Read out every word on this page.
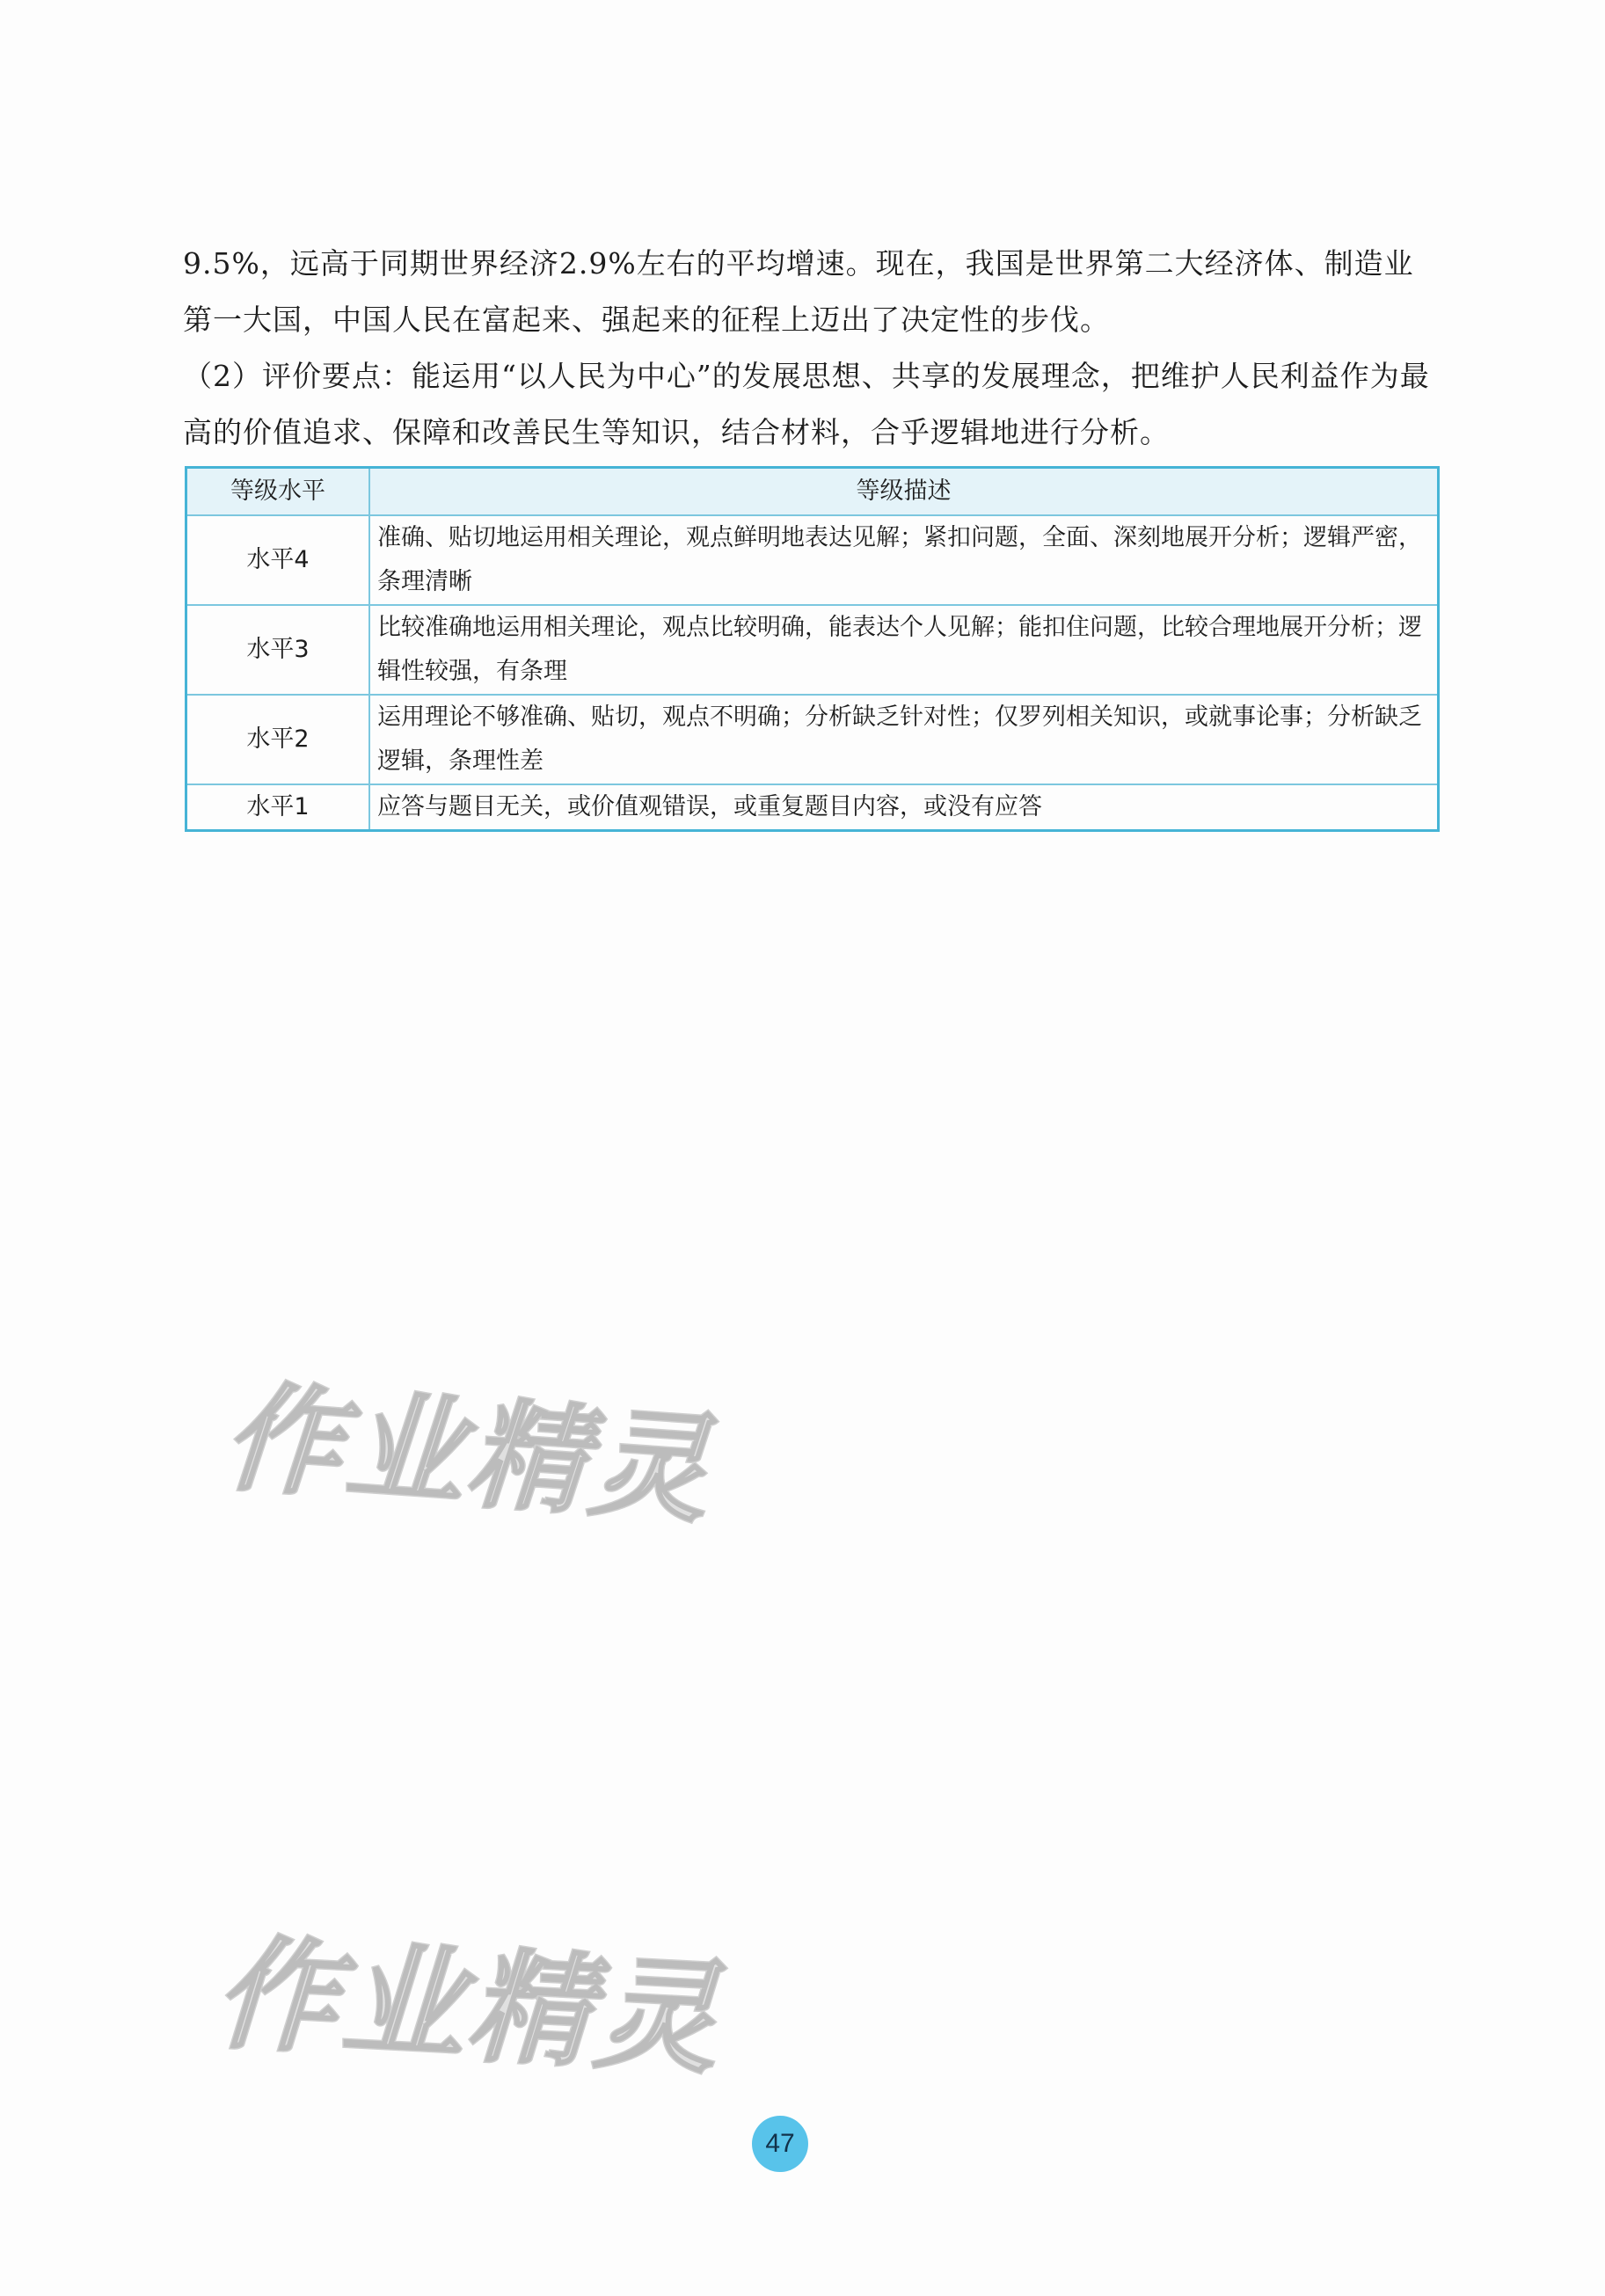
9.5%，远高于同期世界经济2.9%左右的平均增速。现在，我国是世界第二大经济体、制造业第一大国，中国人民在富起来、强起来的征程上迈出了决定性的步伐。

（2）评价要点：能运用“以人民为中心”的发展思想、共享的发展理念，把维护人民利益作为最高的价值追求、保障和改善民生等知识，结合材料，合乎逻辑地进行分析。

等级水平	等级描述
水平4	准确、贴切地运用相关理论，观点鲜明地表达见解；紧扣问题，全面、深刻地展开分析；逻辑严密，条理清晰
水平3	比较准确地运用相关理论，观点比较明确，能表达个人见解；能扣住问题，比较合理地展开分析；逻辑性较强，有条理
水平2	运用理论不够准确、贴切，观点不明确；分析缺乏针对性；仅罗列相关知识，或就事论事；分析缺乏逻辑，条理性差
水平1	应答与题目无关，或价值观错误，或重复题目内容，或没有应答
作业精灵
作业精灵
47
